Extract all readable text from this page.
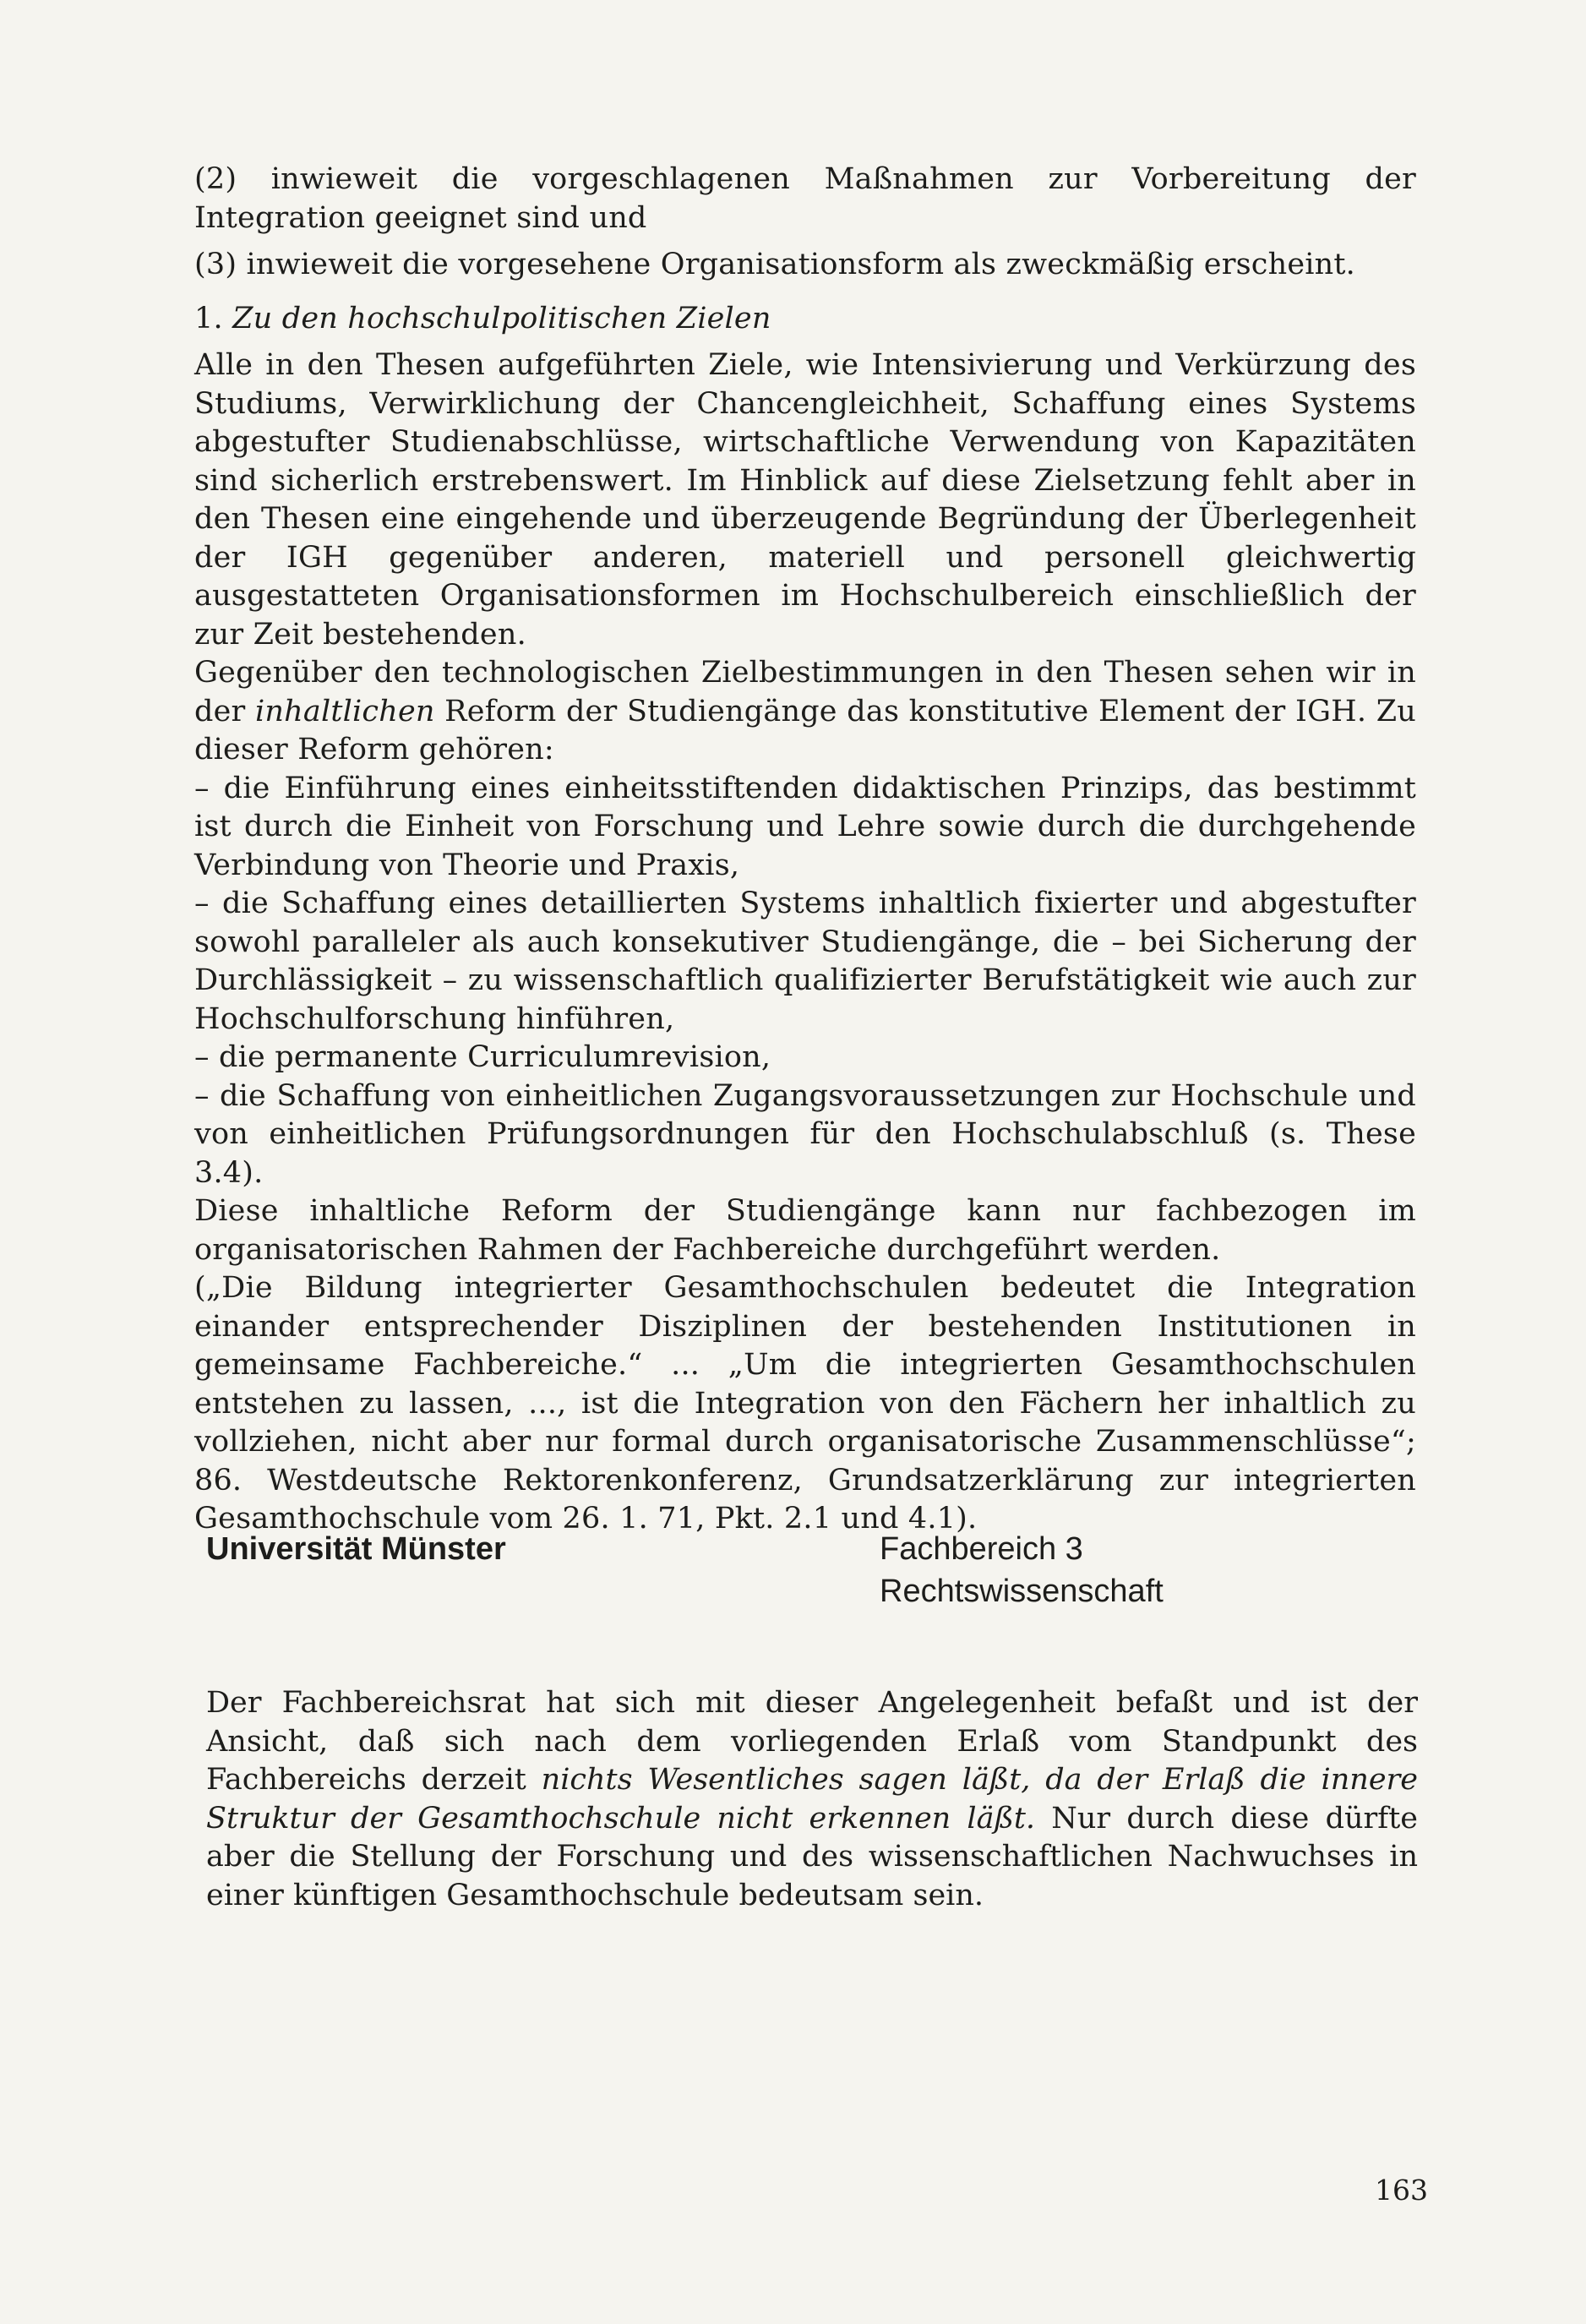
(2) inwieweit die vorgeschlagenen Maßnahmen zur Vorbereitung der Integration geeignet sind und

(3) inwieweit die vorgesehene Organisationsform als zweckmäßig erscheint.

1. Zu den hochschulpolitischen Zielen

Alle in den Thesen aufgeführten Ziele, wie Intensivierung und Verkürzung des Studiums, Verwirklichung der Chancengleichheit, Schaffung eines Systems abgestufter Studienabschlüsse, wirtschaftliche Verwendung von Kapazitäten sind sicherlich erstrebenswert. Im Hinblick auf diese Zielsetzung fehlt aber in den Thesen eine eingehende und überzeugende Begründung der Überlegenheit der IGH gegenüber anderen, materiell und personell gleichwertig ausgestatteten Organisationsformen im Hochschulbereich einschließlich der zur Zeit bestehenden.

Gegenüber den technologischen Zielbestimmungen in den Thesen sehen wir in der inhaltlichen Reform der Studiengänge das konstitutive Element der IGH. Zu dieser Reform gehören:

– die Einführung eines einheitsstiftenden didaktischen Prinzips, das bestimmt ist durch die Einheit von Forschung und Lehre sowie durch die durchgehende Verbindung von Theorie und Praxis,

– die Schaffung eines detaillierten Systems inhaltlich fixierter und abgestufter sowohl paralleler als auch konsekutiver Studiengänge, die – bei Sicherung der Durchlässigkeit – zu wissenschaftlich qualifizierter Berufstätigkeit wie auch zur Hochschulforschung hinführen,

– die permanente Curriculumrevision,

– die Schaffung von einheitlichen Zugangsvoraussetzungen zur Hochschule und von einheitlichen Prüfungsordnungen für den Hochschulabschluß (s. These 3.4).

Diese inhaltliche Reform der Studiengänge kann nur fachbezogen im organisatorischen Rahmen der Fachbereiche durchgeführt werden.

(„Die Bildung integrierter Gesamthochschulen bedeutet die Integration einander entsprechender Disziplinen der bestehenden Institutionen in gemeinsame Fachbereiche.“ ... „Um die integrierten Gesamthochschulen entstehen zu lassen, ..., ist die Integration von den Fächern her inhaltlich zu vollziehen, nicht aber nur formal durch organisatorische Zusammenschlüsse“; 86. Westdeutsche Rektorenkonferenz, Grundsatzerklärung zur integrierten Gesamthochschule vom 26. 1. 71, Pkt. 2.1 und 4.1).

Universität Münster	Fachbereich 3
Rechtswissenschaft

Der Fachbereichsrat hat sich mit dieser Angelegenheit befaßt und ist der Ansicht, daß sich nach dem vorliegenden Erlaß vom Standpunkt des Fachbereichs derzeit nichts Wesentliches sagen läßt, da der Erlaß die innere Struktur der Gesamthochschule nicht erkennen läßt. Nur durch diese dürfte aber die Stellung der Forschung und des wissenschaftlichen Nachwuchses in einer künftigen Gesamthochschule bedeutsam sein.

163
